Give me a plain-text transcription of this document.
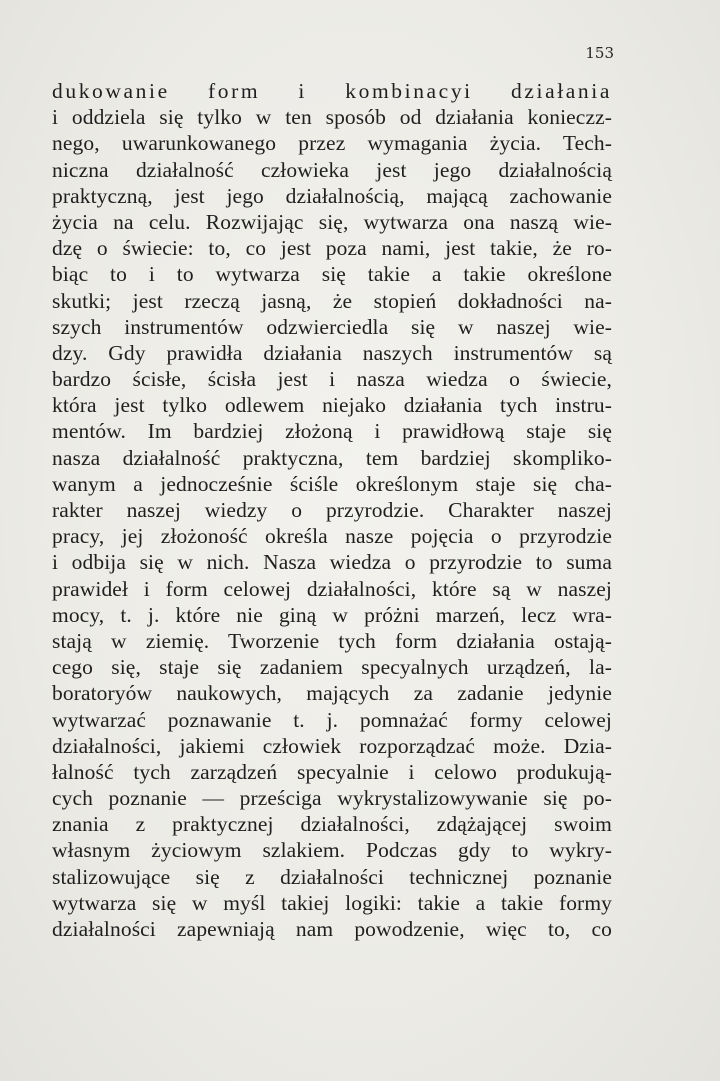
153
dukowanie form i kombinacyi działania
i oddziela się tylko w ten sposób od działania konieczz-
nego, uwarunkowanego przez wymagania życia. Tech-
niczna działalność człowieka jest jego działalnością
praktyczną, jest jego działalnością, mającą zachowanie
życia na celu. Rozwijając się, wytwarza ona naszą wie-
dzę o świecie: to, co jest poza nami, jest takie, że ro-
biąc to i to wytwarza się takie a takie określone
skutki; jest rzeczą jasną, że stopień dokładności na-
szych instrumentów odzwierciedla się w naszej wie-
dzy. Gdy prawidła działania naszych instrumentów są
bardzo ścisłe, ścisła jest i nasza wiedza o świecie,
która jest tylko odlewem niejako działania tych instru-
mentów. Im bardziej złożoną i prawidłową staje się
nasza działalność praktyczna, tem bardziej skompliko-
wanym a jednocześnie ściśle określonym staje się cha-
rakter naszej wiedzy o przyrodzie. Charakter naszej
pracy, jej złożoność określa nasze pojęcia o przyrodzie
i odbija się w nich. Nasza wiedza o przyrodzie to suma
prawideł i form celowej działalności, które są w naszej
mocy, t. j. które nie giną w próżni marzeń, lecz wra-
stają w ziemię. Tworzenie tych form działania ostają-
cego się, staje się zadaniem specyalnych urządzeń, la-
boratoryów naukowych, mających za zadanie jedynie
wytwarzać poznawanie t. j. pomnażać formy celowej
działalności, jakiemi człowiek rozporządzać może. Dzia-
łalność tych zarządzeń specyalnie i celowo produkują-
cych poznanie — prześciga wykrystalizowywanie się po-
znania z praktycznej działalności, zdążającej swoim
własnym życiowym szlakiem. Podczas gdy to wykry-
stalizowujące się z działalności technicznej poznanie
wytwarza się w myśl takiej logiki: takie a takie formy
działalności zapewniają nam powodzenie, więc to, co
